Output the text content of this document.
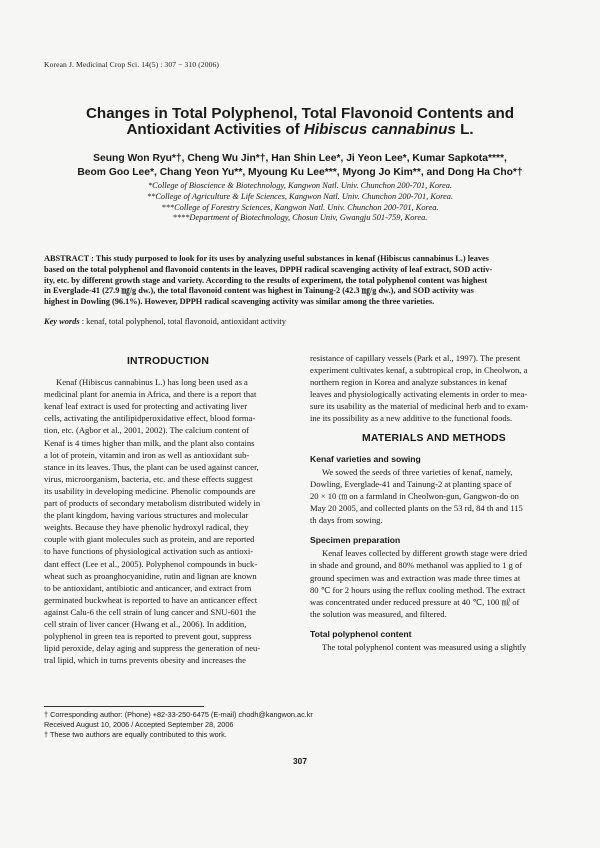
Korean J. Medicinal Crop Sci. 14(5) : 307 − 310 (2006)
Changes in Total Polyphenol, Total Flavonoid Contents and
Antioxidant Activities of Hibiscus cannabinus L.
Seung Won Ryu*†, Cheng Wu Jin*†, Han Shin Lee*, Ji Yeon Lee*, Kumar Sapkota****,
Beom Goo Lee*, Chang Yeon Yu**, Myoung Ku Lee***, Myong Jo Kim**, and Dong Ha Cho*†
*College of Bioscience & Biotechnology, Kangwon Natl. Univ. Chunchon 200-701, Korea.
**College of Agriculture & Life Sciences, Kangwon Natl. Univ. Chunchon 200-701, Korea.
***College of Forestry Sciences, Kangwon Natl. Univ. Chunchon 200-701, Korea.
****Department of Biotechnology, Chosun Univ, Gwangju 501-759, Korea.
ABSTRACT : This study purposed to look for its uses by analyzing useful substances in kenaf (Hibiscus cannabinus L.) leaves
based on the total polyphenol and flavonoid contents in the leaves, DPPH radical scavenging activity of leaf extract, SOD activ-
ity, etc. by different growth stage and variety. According to the results of experiment, the total polyphenol content was highest
in Everglade-41 (27.9 ㎎/g dw.), the total flavonoid content was highest in Tainung-2 (42.3 ㎎/g dw.), and SOD activity was
highest in Dowling (96.1%). However, DPPH radical scavenging activity was similar among the three varieties.
Key words : kenaf, total polyphenol, total flavonoid, antioxidant activity
INTRODUCTION
Kenaf (Hibiscus cannabinus L.) has long been used as a
medicinal plant for anemia in Africa, and there is a report that
kenaf leaf extract is used for protecting and activating liver
cells, activating the antilipidperoxidative effect, blood forma-
tion, etc. (Agbor et al., 2001, 2002). The calcium content of
Kenaf is 4 times higher than milk, and the plant also contains
a lot of protein, vitamin and iron as well as antioxidant sub-
stance in its leaves. Thus, the plant can be used against cancer,
virus, microorganism, bacteria, etc. and these effects suggest
its usability in developing medicine. Phenolic compounds are
part of products of secondary metabolism distributed widely in
the plant kingdom, having various structures and molecular
weights. Because they have phenolic hydroxyl radical, they
couple with giant molecules such as protein, and are reported
to have functions of physiological activation such as antioxi-
dant effect (Lee et al., 2005). Polyphenol compounds in buck-
wheat such as proanghocyanidine, rutin and lignan are known
to be antioxidant, antibiotic and anticancer, and extract from
germinated buckwheat is reported to have an anticancer effect
against Calu-6 the cell strain of lung cancer and SNU-601 the
cell strain of liver cancer (Hwang et al., 2006). In addition,
polyphenol in green tea is reported to prevent gout, suppress
lipid peroxide, delay aging and suppress the generation of neu-
tral lipid, which in turns prevents obesity and increases the
resistance of capillary vessels (Park et al., 1997). The present
experiment cultivates kenaf, a subtropical crop, in Cheolwon, a
northern region in Korea and analyze substances in kenaf
leaves and physiologically activating elements in order to mea-
sure its usability as the material of medicinal herb and to exam-
ine its possibility as a new additive to the functional foods.
MATERIALS AND METHODS
Kenaf varieties and sowing
We sowed the seeds of three varieties of kenaf, namely,
Dowling, Everglade-41 and Tainung-2 at planting space of
20 × 10 ㎝ on a farmland in Cheolwon-gun, Gangwon-do on
May 20 2005, and collected plants on the 53 rd, 84 th and 115
th days from sowing.
Specimen preparation
Kenaf leaves collected by different growth stage were dried
in shade and ground, and 80% methanol was applied to 1 g of
ground specimen was and extraction was made three times at
80 ℃ for 2 hours using the reflux cooling method. The extract
was concentrated under reduced pressure at 40 ℃, 100 ㎖ of
the solution was measured, and filtered.
Total polyphenol content
The total polyphenol content was measured using a slightly
† Corresponding author: (Phone) +82-33-250-6475 (E-mail) chodh@kangwon.ac.kr
Received August 10, 2006 / Accepted September 28, 2006
† These two authors are equally contributed to this work.
307
